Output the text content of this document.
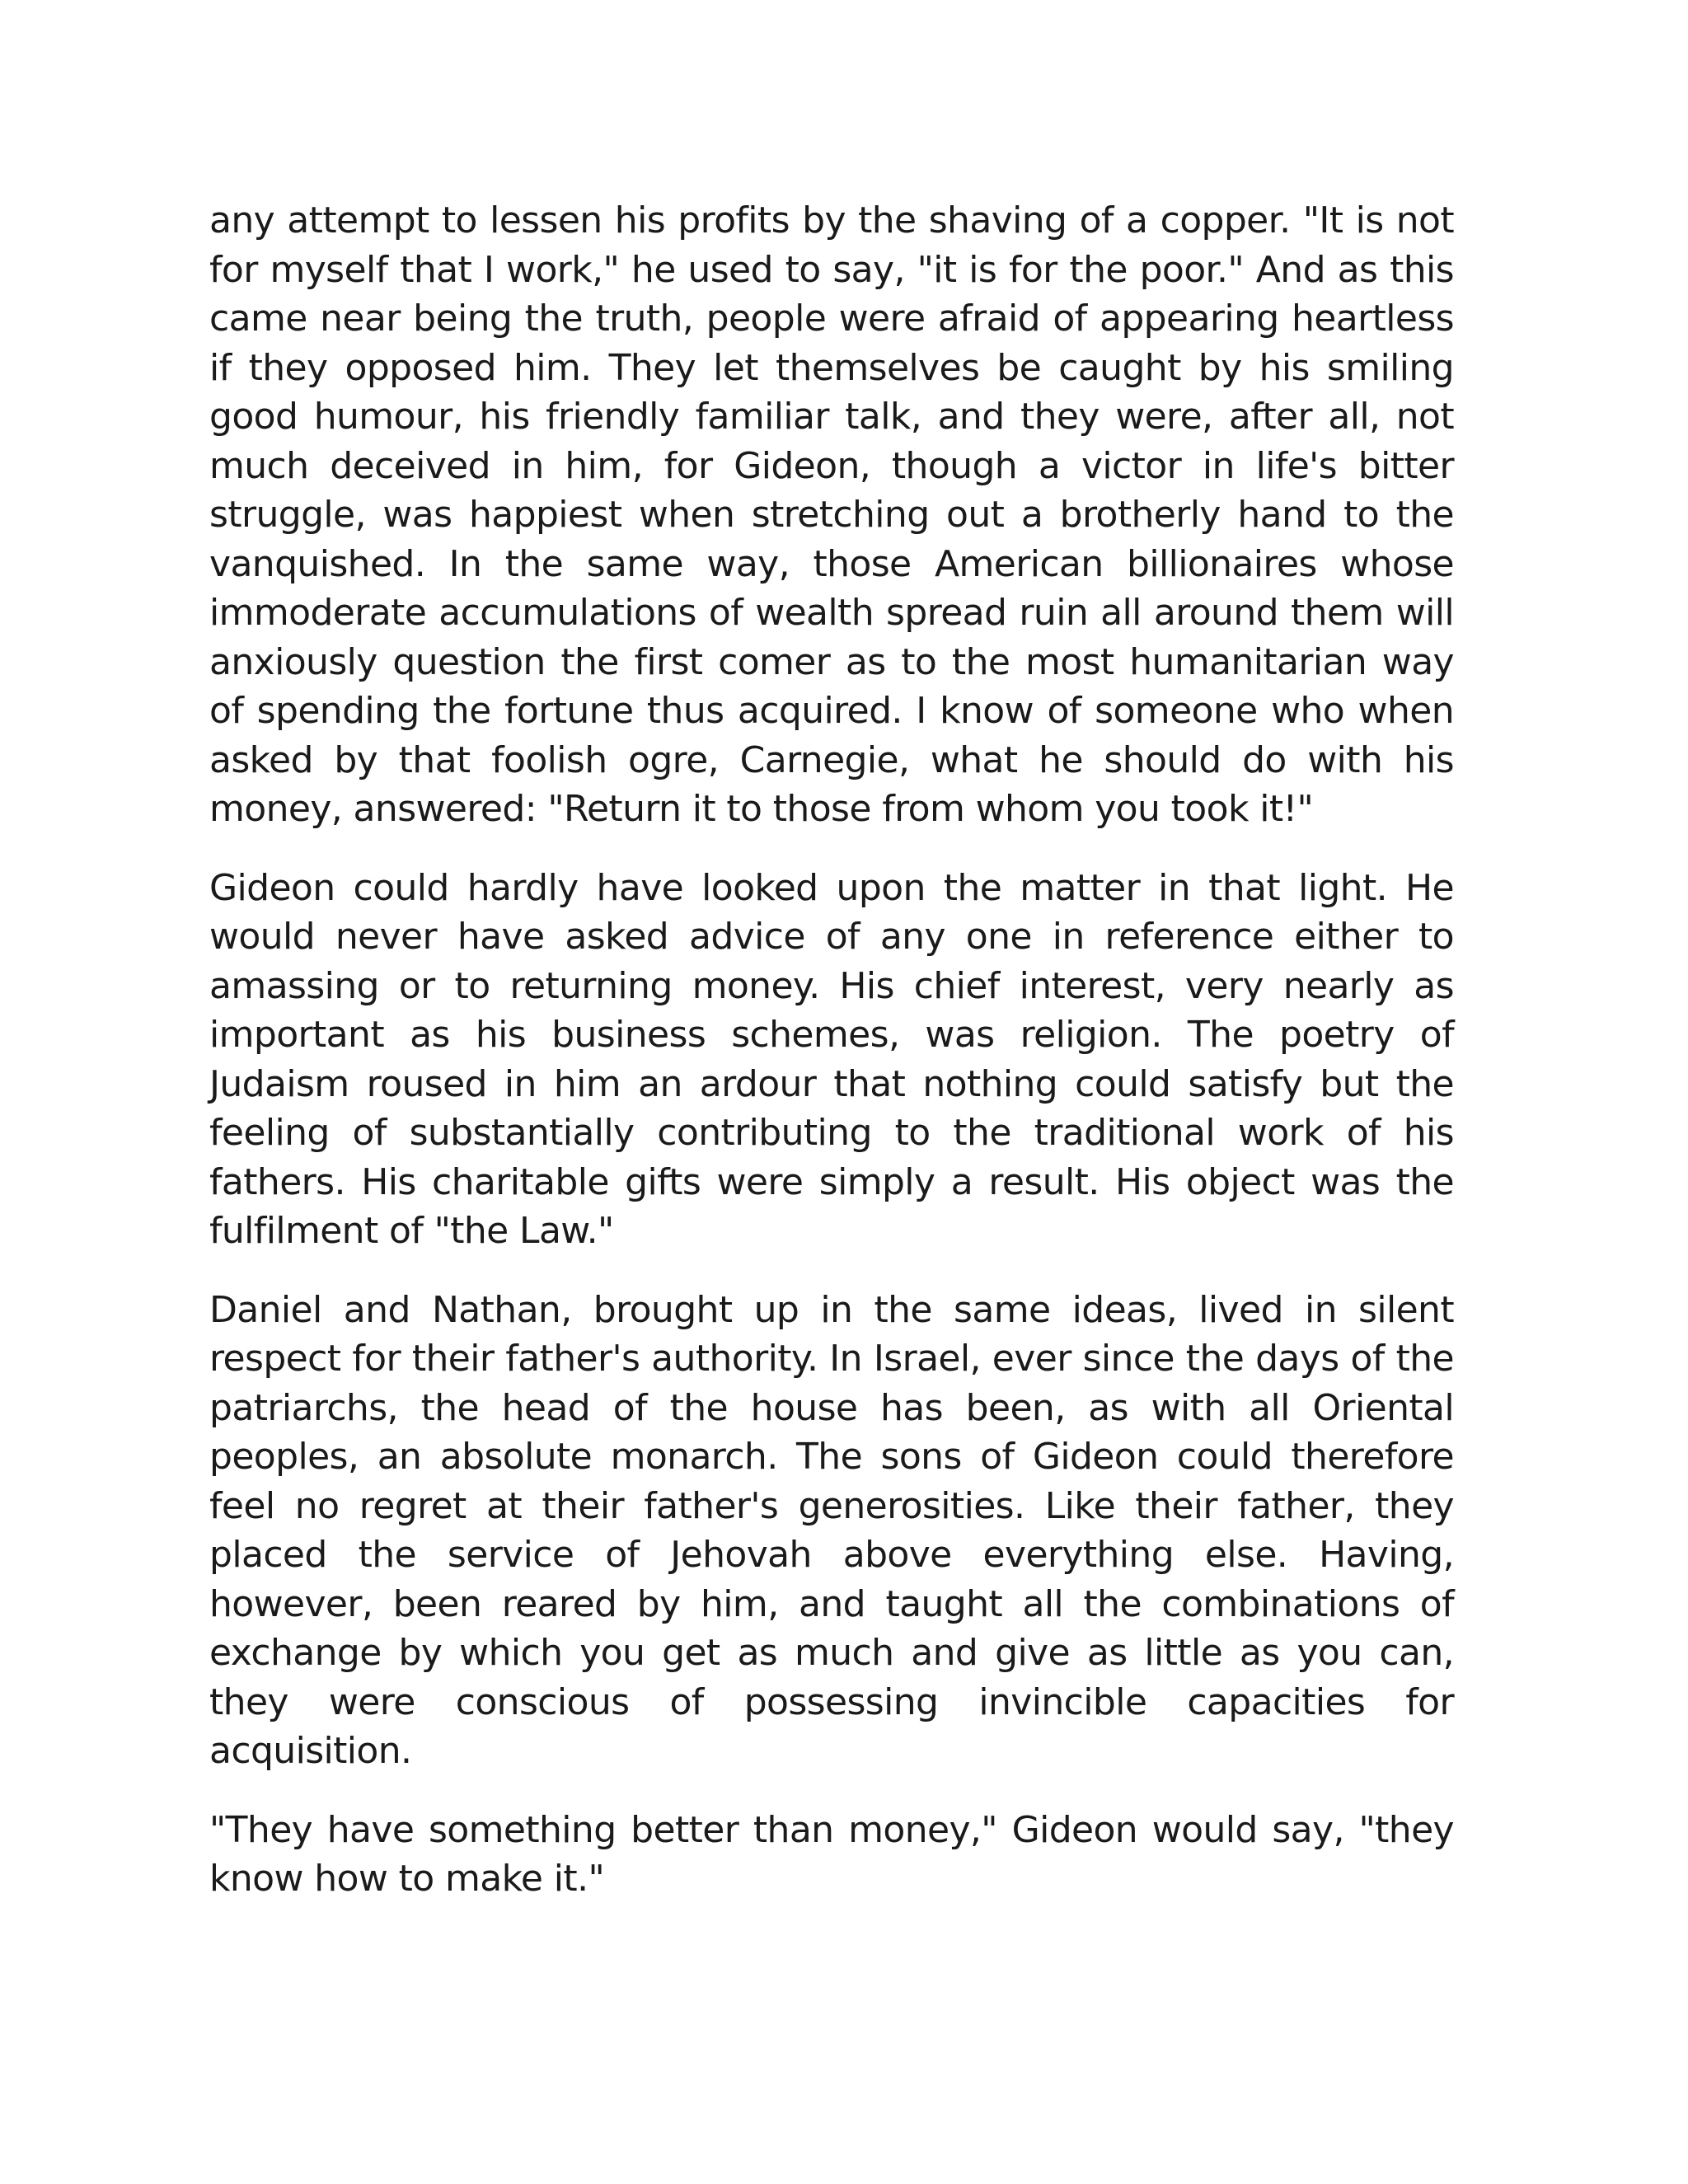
any attempt to lessen his profits by the shaving of a copper. "It is not for myself that I work," he used to say, "it is for the poor." And as this came near being the truth, people were afraid of appearing heartless if they opposed him. They let themselves be caught by his smiling good humour, his friendly familiar talk, and they were, after all, not much deceived in him, for Gideon, though a victor in life's bitter struggle, was happiest when stretching out a brotherly hand to the vanquished. In the same way, those American billionaires whose immoderate accumulations of wealth spread ruin all around them will anxiously question the first comer as to the most humanitarian way of spending the fortune thus acquired. I know of someone who when asked by that foolish ogre, Carnegie, what he should do with his money, answered: "Return it to those from whom you took it!"

Gideon could hardly have looked upon the matter in that light. He would never have asked advice of any one in reference either to amassing or to returning money. His chief interest, very nearly as important as his business schemes, was religion. The poetry of Judaism roused in him an ardour that nothing could satisfy but the feeling of substantially contributing to the traditional work of his fathers. His charitable gifts were simply a result. His object was the fulfilment of "the Law."

Daniel and Nathan, brought up in the same ideas, lived in silent respect for their father's authority. In Israel, ever since the days of the patriarchs, the head of the house has been, as with all Oriental peoples, an absolute monarch. The sons of Gideon could therefore feel no regret at their father's generosities. Like their father, they placed the service of Jehovah above everything else. Having, however, been reared by him, and taught all the combinations of exchange by which you get as much and give as little as you can, they were conscious of possessing invincible capacities for acquisition.

"They have something better than money," Gideon would say, "they know how to make it."
